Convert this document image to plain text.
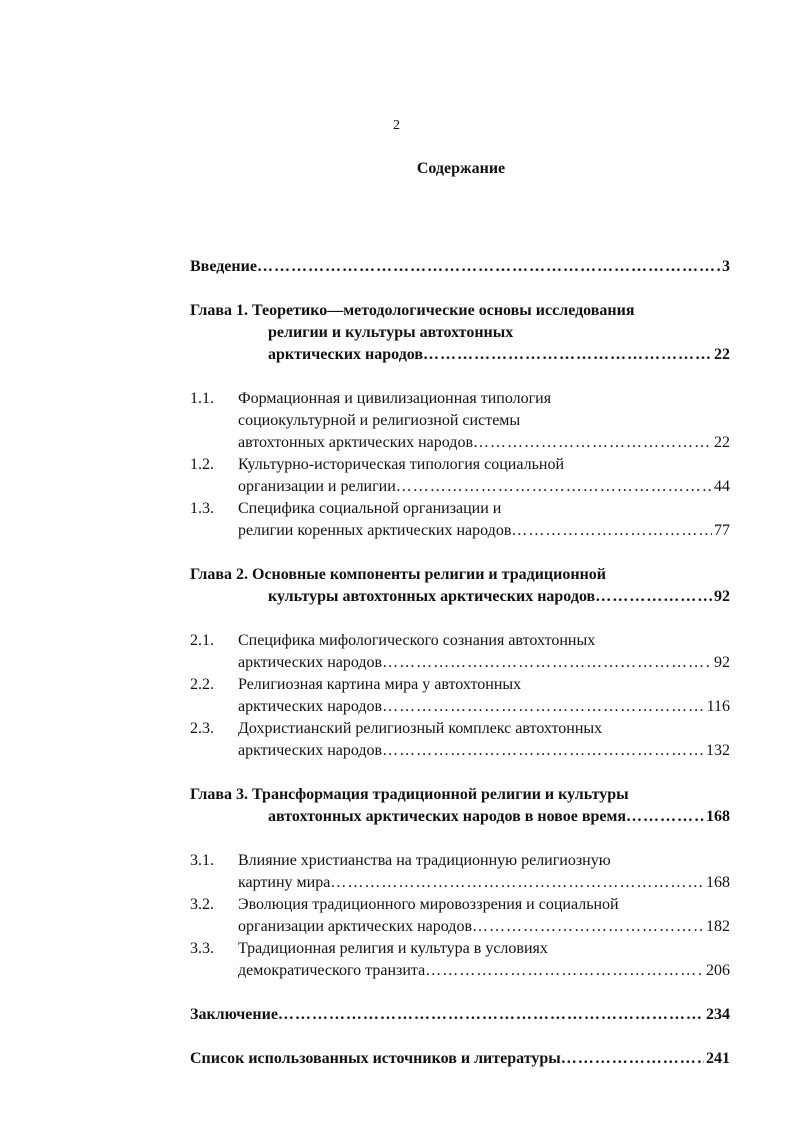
2
Содержание
Введение ……………………………………………………………………………………………………………………………………………………	3
Глава 1. Теоретико—методологические основы исследования
религии и культуры автохтонных
арктических народов ……………………………………………………………………………………………………………………………………………………	22
1.1. Формационная и цивилизационная типология
социокультурной и религиозной системы
автохтонных арктических народов ……………………………………………………………………………………………………………………………………………………	22
1.2. Культурно-историческая типология социальной
организации и религии ……………………………………………………………………………………………………………………………………………………	44
1.3. Специфика социальной организации и
религии коренных арктических народов ……………………………………………………………………………………………………………………………………………………	77
Глава 2. Основные компоненты религии и традиционной
культуры автохтонных арктических народов ……………………………………………………………………………………………………………………………………………………	92
2.1. Специфика мифологического сознания автохтонных
арктических народов ……………………………………………………………………………………………………………………………………………………	92
2.2. Религиозная картина мира у автохтонных
арктических народов ……………………………………………………………………………………………………………………………………………………	116
2.3. Дохристианский религиозный комплекс автохтонных
арктических народов ……………………………………………………………………………………………………………………………………………………	132
Глава 3. Трансформация традиционной религии и культуры
автохтонных арктических народов в новое время ……………………………………………………………………………………………………………………………………………………	168
3.1. Влияние христианства на традиционную религиозную
картину мира ……………………………………………………………………………………………………………………………………………………	168
3.2. Эволюция традиционного мировоззрения и социальной
организации арктических народов ……………………………………………………………………………………………………………………………………………………	182
3.3. Традиционная религия и культура в условиях
демократического транзита ……………………………………………………………………………………………………………………………………………………	206
Заключение ……………………………………………………………………………………………………………………………………………………	234
Список использованных источников и литературы ……………………………………………………………………………………………………………………………………………………	241
